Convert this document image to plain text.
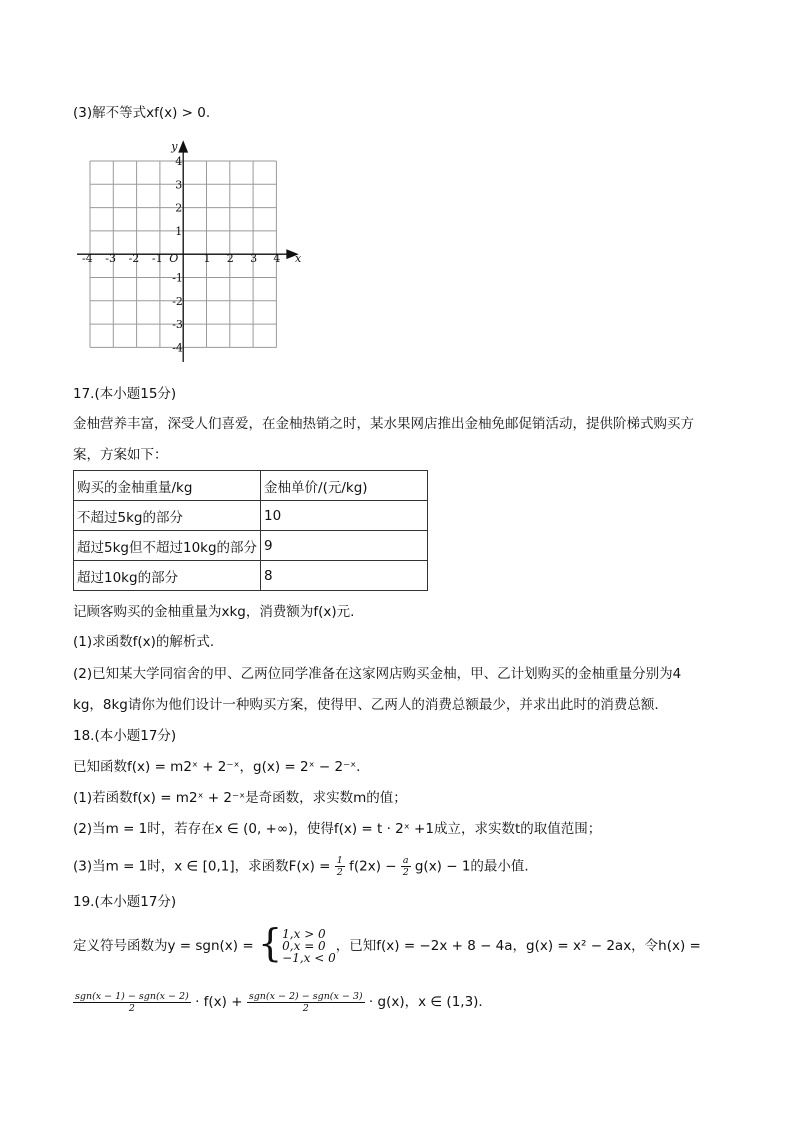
(3)解不等式xf(x) > 0.
y
x
O
-4 -3 -2 -1	1 2 3 4
4
3
2
1
-1
-2
-3
-4
17.(本小题15分)
金柚营养丰富，深受人们喜爱，在金柚热销之时，某水果网店推出金柚免邮促销活动，提供阶梯式购买方
案，方案如下：
购买的金柚重量/kg	金柚单价/(元/kg)
不超过5kg的部分	10
超过5kg但不超过10kg的部分	9
超过10kg的部分	8
记顾客购买的金柚重量为xkg，消费额为f(x)元.
(1)求函数f(x)的解析式.
(2)已知某大学同宿舍的甲、乙两位同学准备在这家网店购买金柚，甲、乙计划购买的金柚重量分别为4
kg，8kg请你为他们设计一种购买方案，使得甲、乙两人的消费总额最少，并求出此时的消费总额.
18.(本小题17分)
已知函数f(x) = m2ˣ + 2⁻ˣ，g(x) = 2ˣ − 2⁻ˣ.
(1)若函数f(x) = m2ˣ + 2⁻ˣ是奇函数，求实数m的值；
(2)当m = 1时，若存在x ∈ (0, +∞)，使得f(x) = t · 2ˣ +1成立，求实数t的取值范围；
(3)当m = 1时，x ∈ [0,1]，求函数$F(x) = \frac{1}{2} f(2x) - \frac{a}{2} g(x) - 1$的最小值.
19.(本小题17分)
定义符号函数为y = sgn(x) = { 1,x > 0
0,x = 0
−1,x < 0
，已知f(x) = −2x + 8 − 4a，g(x) = x² − 2ax，令h(x) =
$\frac{\text{sgn(x − 1) − sgn(x − 2)}}{2} \cdot f(x) + \frac{\text{sgn(x − 2) − sgn(x − 3)}}{2} \cdot g(x)$，x ∈ (1,3).
